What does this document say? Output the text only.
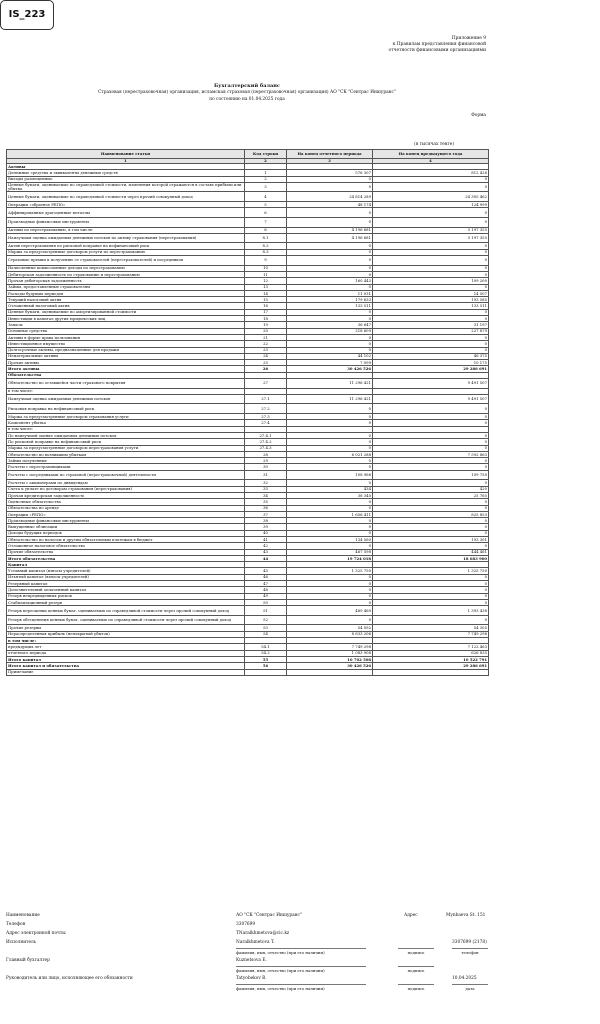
IS_223
Приложение 9
к Правилам представления финансовой
отчетности финансовыми организациями
Бухгалтерский баланс
Страховая (перестраховочная) организация, исламская страховая (перестраховочная) организация) АО "СК "Сентрас Иншуранс"
по состоянию на 01.04.2025 года
Форма
(в тысячах тенге)
Наименование статьи	Код строки	На конец отчетного периода	На конец предыдущего года
1	2	3	4
Активы			
Денежные средства и эквиваленты денежных средств	1	576 307	812 426
Вклады размещенные	2	0	0
Ценные бумаги, оцениваемые по справедливой стоимости, изменения которой отражаются в составе прибыли или убытка	3	0	0
Ценные бумаги, оцениваемые по справедливой стоимости через прочий совокупный доход	4	24 814 289	24 305 462
Операции «обратное РЕПО»	5	48 174	124 999
Аффинированные драгоценные металлы	6	0	0
Производные финансовые инструменты	7	0	0
Активы по перестрахованию, в том числе:	8	4 196 681	3 197 355
Наилучшая оценка ожидаемых денежных потоков по активу страхования (перестрахования)	8.1	4 196 681	3 197 355
Актив перестрахования по рисковой поправке на нефинансовый риск	8.2	0	0
Маржа за предусмотренные договором услуги по перестрахованию	8.3	0	0
Страховые премии к получению от страхователей (перестрахователей) и посредников	9	0	0
Начисленные комиссионные доходы по перестрахованию	10	0	0
Дебиторская задолженность по страхованию и перестрахованию	11	0	0
Прочая дебиторская задолженность	12	160 443	109 200
Займы, предоставленные страхователям	13	0	0
Расходы будущих периодов	14	11 031	14 507
Текущий налоговый актив	15	179 633	193 585
Отложенный налоговый актив	16	133 511	133 511
Ценные бумаги, оцениваемые по амортизированной стоимости	17	0	0
Инвестиции в капитал других юридических лиц	18	0	0
Запасы	19	36 647	31 197
Основные средства	20	218 609	227 879
Активы в форме права пользования	21	0	0
Инвестиционное имущество	22	0	0
Долгосрочные активы, предназначенные для продажи	23	0	0
Нематериальные активы	24	44 102	46 375
Прочие активы	25	7 099	10 175
Итого активы	26	30 426 526	29 286 691
Обязательства			
Обязательство по оставшейся части страхового покрытия	27	11 296 421	9 491 507
в том числе:			
Наилучшая оценка ожидаемых денежных потоков	27.1	11 296 421	9 491 507
Рисковая поправка на нефинансовый риск	27.2	0	0
Маржа за предусмотренные договором страхования услуги	27.3	0	0
Компонент убытка	27.4	0	0
в том числе:			
По наилучшей оценке ожидаемых денежных потоков	27.4.1	0	0
По рисковой поправке на нефинансовый риск	27.4.2	0	0
Маржа за предусмотренные договором перестрахования услуги	27.4.3	0	0
Обязательство по возникшим убыткам	28	6 021 288	7 592 863
Займы полученные	29	0	0
Расчеты с перестраховщиками	30	0	0
Расчеты с посредниками по страховой (перестраховочной) деятельности	31	108 966	109 750
Расчеты с акционерами по дивидендам	32	0	0
Счета к уплате по договорам страхования (перестрахования)	33	434	420
Прочая кредиторская задолженность	34	38 340	25 765
Оценочные обязательства	35	0	0
Обязательства по аренде	36	0	0
Операции «РЕПО»	37	1 656 411	825 853
Производные финансовые инструменты	38	0	0
Выпущенные облигации	39	0	0
Доходы будущих периодов	40	0	0
Обязательство по налогам и другим обязательным платежам в бюджет	41	134 560	193 301
Отложенное налоговое обязательство	42	0	0
Прочие обязательства	43	467 598	444 461
Итого обязательства	44	19 724 018	18 683 900
Капитал			
Уставный капитал (взносы учредителей)	45	1 325 750	1 325 750
Изъятый капитал (взносы учредителей)	46	0	0
Резервный капитал	47	0	0
Дополнительный оплаченный капитал	48	0	0
Резерв непредвиденных рисков	49	0	0
Стабилизационный резерв	50	0	0
Резерв переоценки ценных бумаг, оцениваемых по справедливой стоимости через прочий совокупный доход	51	489 460	1 393 438
Резерв обесценения ценных бумаг, оцениваемых по справедливой стоимости через прочий совокупный доход	52	0	0
Прочие резервы	53	54 092	54 305
Нераспределенная прибыль (непокрытый убыток)	54	8 833 206	7 749 298
в том числе:			
предыдущих лет	54.1	7 749 298	7 122 463
отчетного периода	54.2	1 083 908	626 835
Итого капитал	55	10 702 508	10 522 791
Итого капитал и обязательства	56	30 426 526	29 286 691
Примечание			
Наименование	АО "СК "Сентрас Иншуранс"	Адрес	Mynbaeva St. 151
Телефон	3307699
Адрес электронной почты	TNaralkhmetova@cic.kz
Исполнитель	Naralkhmetova T.	3307699 (2178)
фамилия, имя, отчество (при его наличии)	подпись	телефон
Главный бухгалтер	Kuznetsova E.
фамилия, имя, отчество (при его наличии)	подпись
Руководитель или лицо, исполняющее его обязанности	Tatyobekov B.	10.04.2025
фамилия, имя, отчество (при его наличии)	подпись	дата
